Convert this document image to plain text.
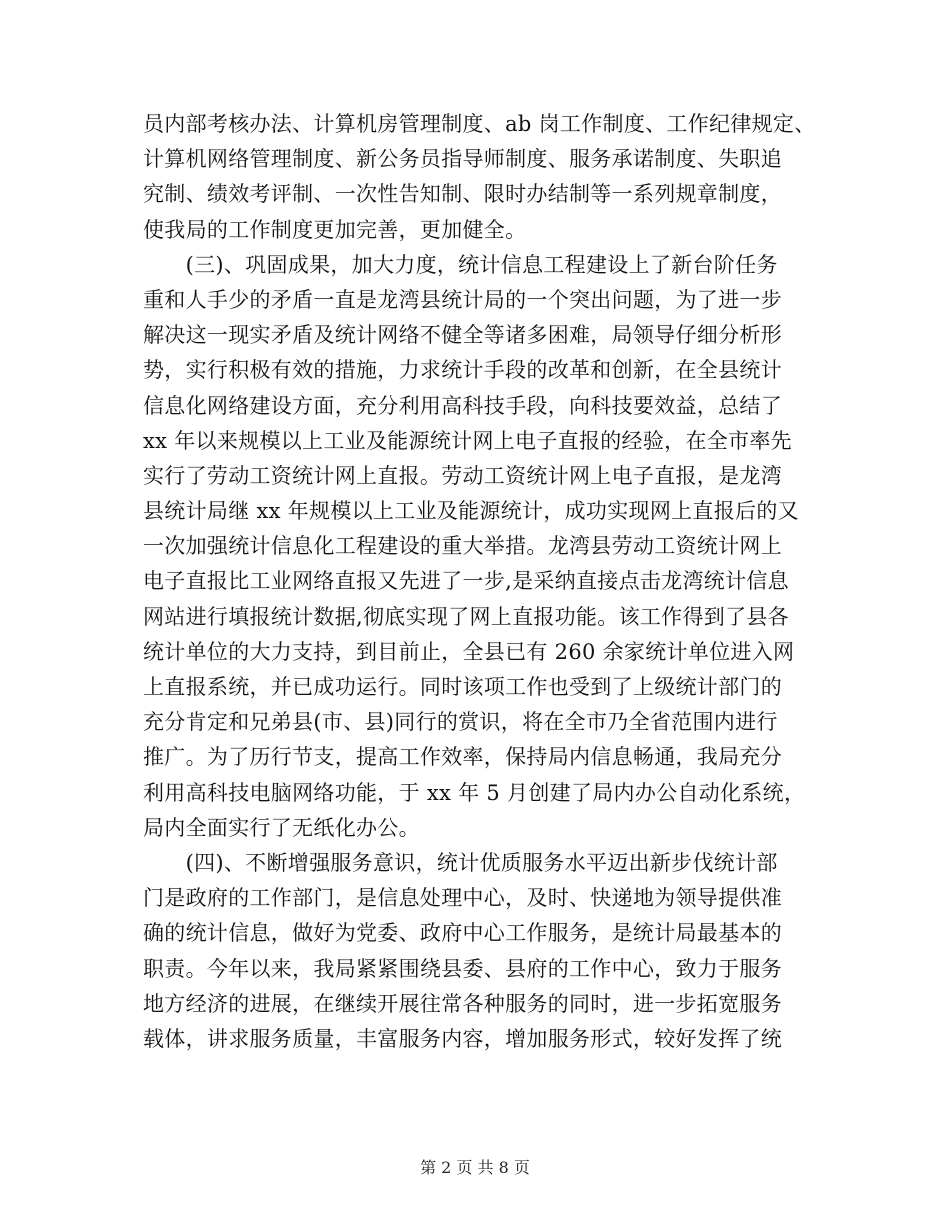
员内部考核办法、计算机房管理制度、ab 岗工作制度、工作纪律规定、
计算机网络管理制度、新公务员指导师制度、服务承诺制度、失职追
究制、绩效考评制、一次性告知制、限时办结制等一系列规章制度，
使我局的工作制度更加完善，更加健全。
　　(三)、巩固成果，加大力度，统计信息工程建设上了新台阶任务
重和人手少的矛盾一直是龙湾县统计局的一个突出问题，为了进一步
解决这一现实矛盾及统计网络不健全等诸多困难，局领导仔细分析形
势，实行积极有效的措施，力求统计手段的改革和创新，在全县统计
信息化网络建设方面，充分利用高科技手段，向科技要效益，总结了
xx 年以来规模以上工业及能源统计网上电子直报的经验，在全市率先
实行了劳动工资统计网上直报。劳动工资统计网上电子直报，是龙湾
县统计局继 xx 年规模以上工业及能源统计，成功实现网上直报后的又
一次加强统计信息化工程建设的重大举措。龙湾县劳动工资统计网上
电子直报比工业网络直报又先进了一步,是采纳直接点击龙湾统计信息
网站进行填报统计数据,彻底实现了网上直报功能。该工作得到了县各
统计单位的大力支持，到目前止，全县已有 260 余家统计单位进入网
上直报系统，并已成功运行。同时该项工作也受到了上级统计部门的
充分肯定和兄弟县(市、县)同行的赏识，将在全市乃全省范围内进行
推广。为了历行节支，提高工作效率，保持局内信息畅通，我局充分
利用高科技电脑网络功能，于 xx 年 5 月创建了局内办公自动化系统，
局内全面实行了无纸化办公。
　　(四)、不断增强服务意识，统计优质服务水平迈出新步伐统计部
门是政府的工作部门，是信息处理中心，及时、快递地为领导提供准
确的统计信息，做好为党委、政府中心工作服务，是统计局最基本的
职责。今年以来，我局紧紧围绕县委、县府的工作中心，致力于服务
地方经济的进展，在继续开展往常各种服务的同时，进一步拓宽服务
载体，讲求服务质量，丰富服务内容，增加服务形式，较好发挥了统
第 2 页 共 8 页
